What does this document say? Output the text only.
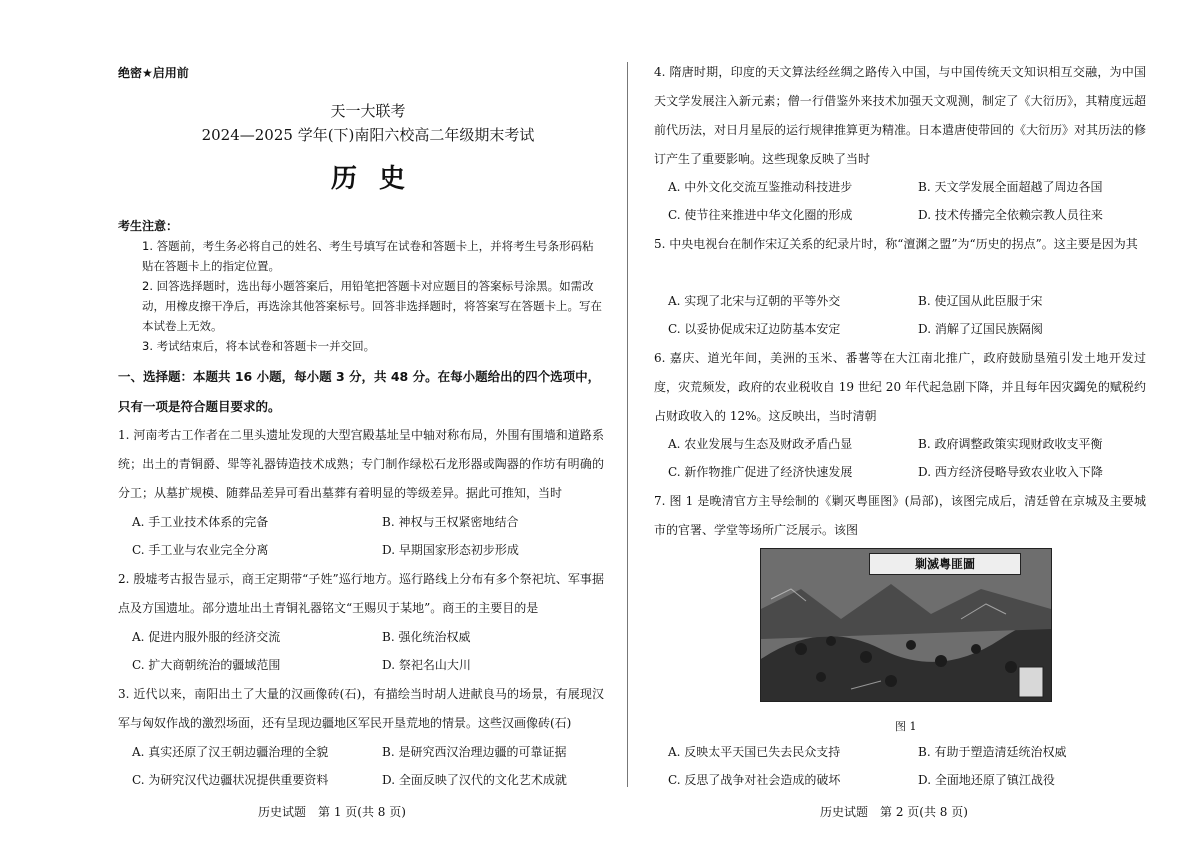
绝密★启用前
天一大联考
2024—2025 学年(下)南阳六校高二年级期末考试
历史
考生注意：
1. 答题前，考生务必将自己的姓名、考生号填写在试卷和答题卡上，并将考生号条形码粘贴在答题卡上的指定位置。
2. 回答选择题时，选出每小题答案后，用铅笔把答题卡对应题目的答案标号涂黑。如需改动，用橡皮擦干净后，再选涂其他答案标号。回答非选择题时，将答案写在答题卡上。写在本试卷上无效。
3. 考试结束后，将本试卷和答题卡一并交回。
一、选择题：本题共 16 小题，每小题 3 分，共 48 分。在每小题给出的四个选项中，只有一项是符合题目要求的。
1. 河南考古工作者在二里头遗址发现的大型宫殿基址呈中轴对称布局，外围有围墙和道路系统；出土的青铜爵、斝等礼器铸造技术成熟；专门制作绿松石龙形器或陶器的作坊有明确的分工；从墓扩规模、随葬品差异可看出墓葬有着明显的等级差异。据此可推知，当时
A. 手工业技术体系的完备	B. 神权与王权紧密地结合
C. 手工业与农业完全分离	D. 早期国家形态初步形成
2. 殷墟考古报告显示，商王定期带“子姓”巡行地方。巡行路线上分布有多个祭祀坑、军事据点及方国遗址。部分遗址出土青铜礼器铭文“王赐贝于某地”。商王的主要目的是
A. 促进内服外服的经济交流	B. 强化统治权威
C. 扩大商朝统治的疆域范围	D. 祭祀名山大川
3. 近代以来，南阳出土了大量的汉画像砖(石)，有描绘当时胡人进献良马的场景，有展现汉军与匈奴作战的激烈场面，还有呈现边疆地区军民开垦荒地的情景。这些汉画像砖(石)
A. 真实还原了汉王朝边疆治理的全貌	B. 是研究西汉治理边疆的可靠证据
C. 为研究汉代边疆状况提供重要资料	D. 全面反映了汉代的文化艺术成就
历史试题　第 1 页(共 8 页)
4. 隋唐时期，印度的天文算法经丝绸之路传入中国，与中国传统天文知识相互交融，为中国天文学发展注入新元素；僧一行借鉴外来技术加强天文观测，制定了《大衍历》，其精度远超前代历法，对日月星辰的运行规律推算更为精准。日本遣唐使带回的《大衍历》对其历法的修订产生了重要影响。这些现象反映了当时
A. 中外文化交流互鉴推动科技进步	B. 天文学发展全面超越了周边各国
C. 使节往来推进中华文化圈的形成	D. 技术传播完全依赖宗教人员往来
5. 中央电视台在制作宋辽关系的纪录片时，称“澶渊之盟”为“历史的拐点”。这主要是因为其
A. 实现了北宋与辽朝的平等外交	B. 使辽国从此臣服于宋
C. 以妥协促成宋辽边防基本安定	D. 消解了辽国民族隔阂
6. 嘉庆、道光年间，美洲的玉米、番薯等在大江南北推广，政府鼓励垦殖引发土地开发过度，灾荒频发，政府的农业税收自 19 世纪 20 年代起急剧下降，并且每年因灾蠲免的赋税约占财政收入的 12%。这反映出，当时清朝
A. 农业发展与生态及财政矛盾凸显	B. 政府调整政策实现财政收支平衡
C. 新作物推广促进了经济快速发展	D. 西方经济侵略导致农业收入下降
7. 图 1 是晚清官方主导绘制的《剿灭粤匪图》(局部)，该图完成后，清廷曾在京城及主要城市的官署、学堂等场所广泛展示。该图
剿滅粵匪圖
图 1
A. 反映太平天国已失去民众支持	B. 有助于塑造清廷统治权威
C. 反思了战争对社会造成的破坏	D. 全面地还原了镇江战役
历史试题　第 2 页(共 8 页)
